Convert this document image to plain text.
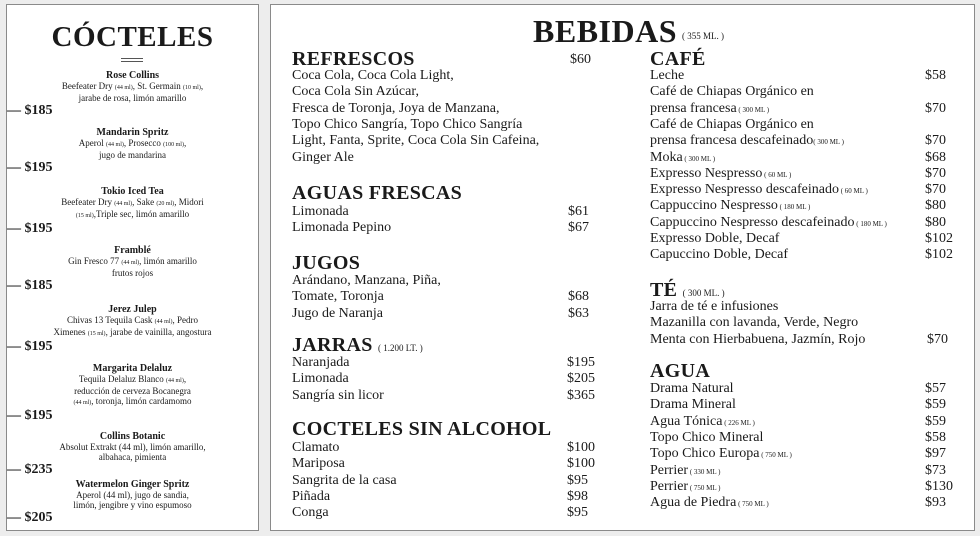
CÓCTELES
Rose Collins
Beefeater Dry (44 ml), St. Germain (10 ml),
jarabe de rosa, limón amarillo
— $185
Mandarin Spritz
Aperol (44 ml), Prosecco (100 ml),
jugo de mandarina
— $195
Tokio Iced Tea
Beefeater Dry (44 ml), Sake (20 ml), Midori
(15 ml),Triple sec, limón amarillo
— $195
Framblé
Gin Fresco 77 (44 ml), limón amarillo
frutos rojos
— $185
Jerez Julep
Chivas 13 Tequila Cask (44 ml), Pedro
Ximenes (15 ml), jarabe de vainilla, angostura
— $195
Margarita Delaluz
Tequila Delaluz Blanco (44 ml),
reducción de cerveza Bocanegra
(44 ml), toronja, limón cardamomo
— $195
Collins Botanic
Absolut Extrakt (44 ml), limón amarillo,
albahaca, pimienta
— $235
Watermelon Ginger Spritz
Aperol (44 ml), jugo de sandia,
limón, jengibre y vino espumoso
— $205
BEBIDAS ( 355 ML. )
REFRESCOS	$60
Coca Cola, Coca Cola Light,
Coca Cola Sin Azúcar,
Fresca de Toronja, Joya de Manzana,
Topo Chico Sangría, Topo Chico Sangría
Light, Fanta, Sprite, Coca Cola Sin Cafeina,
Ginger Ale
AGUAS FRESCAS
Limonada	$61
Limonada Pepino	$67
JUGOS
Arándano, Manzana, Piña,
Tomate, Toronja	$68
Jugo de Naranja	$63
JARRAS ( 1.200 LT. )
Naranjada	$195
Limonada	$205
Sangría sin licor	$365
COCTELES SIN ALCOHOL
Clamato	$100
Mariposa	$100
Sangrita de la casa	$95
Piñada	$98
Conga	$95
CAFÉ
Leche	$58
Café de Chiapas Orgánico en
prensa francesa ( 300 ML )	$70
Café de Chiapas Orgánico en
prensa francesa descafeinado( 300 ML )	$70
Moka ( 300 ML )	$68
Expresso Nespresso ( 60 ML )	$70
Expresso Nespresso descafeinado ( 60 ML )	$70
Cappuccino Nespresso ( 180 ML )	$80
Cappuccino Nespresso descafeinado ( 180 ML )	$80
Expresso Doble, Decaf	$102
Capuccino Doble, Decaf	$102
TÉ ( 300 ML. )
Jarra de té e infusiones
Mazanilla con lavanda, Verde, Negro
Menta con Hierbabuena, Jazmín, Rojo	$70
AGUA
Drama Natural	$57
Drama Mineral	$59
Agua Tónica ( 226 ML )	$59
Topo Chico Mineral	$58
Topo Chico Europa ( 750 ML )	$97
Perrier ( 330 ML )	$73
Perrier ( 750 ML )	$130
Agua de Piedra ( 750 ML )	$93
